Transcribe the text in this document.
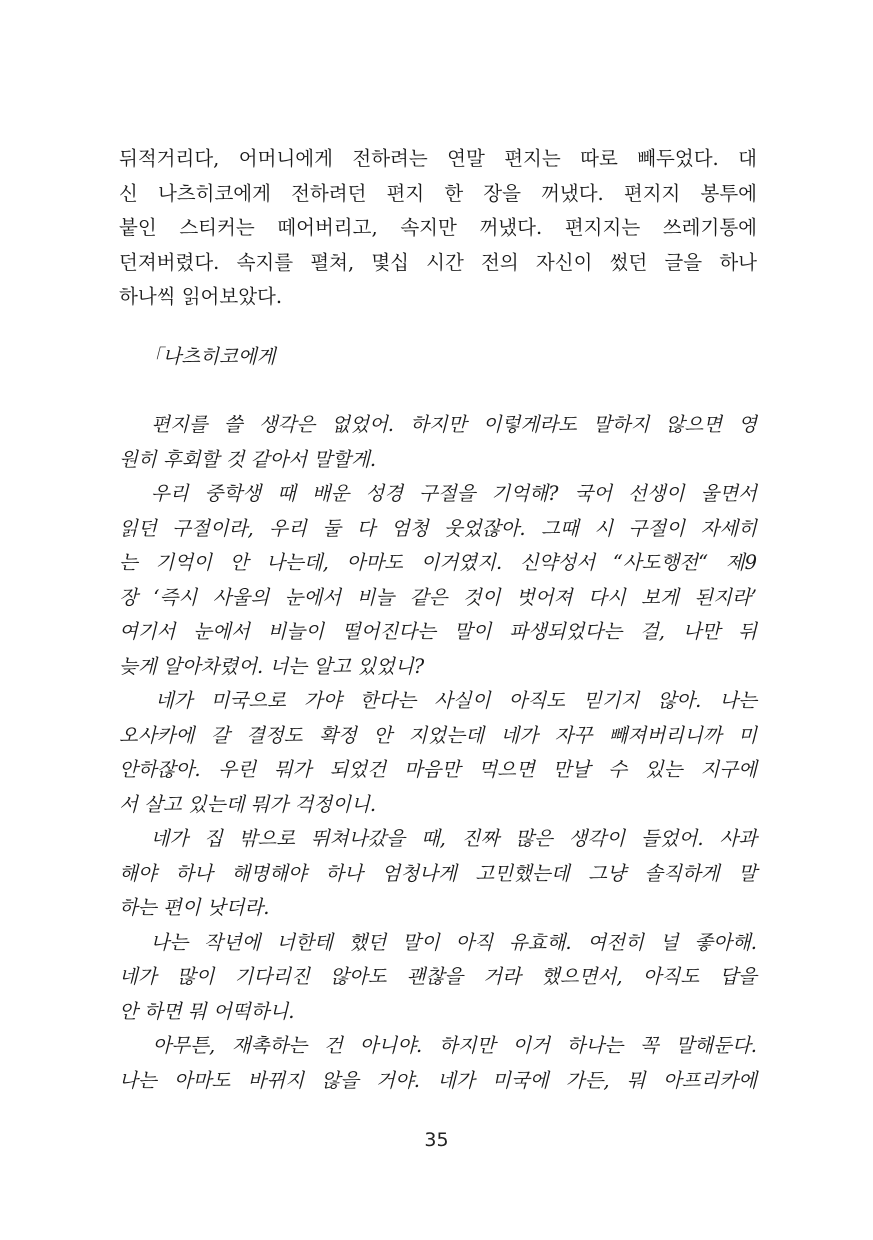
뒤적거리다, 어머니에게 전하려는 연말 편지는 따로 빼두었다. 대
신 나츠히코에게 전하려던 편지 한 장을 꺼냈다. 편지지 봉투에
붙인 스티커는 떼어버리고, 속지만 꺼냈다. 편지지는 쓰레기통에
던져버렸다. 속지를 펼쳐, 몇십 시간 전의 자신이 썼던 글을 하나
하나씩 읽어보았다.
「나츠히코에게
편지를 쓸 생각은 없었어. 하지만 이렇게라도 말하지 않으면 영
원히 후회할 것 같아서 말할게.
우리 중학생 때 배운 성경 구절을 기억해? 국어 선생이 울면서
읽던 구절이라, 우리 둘 다 엄청 웃었잖아. 그때 시 구절이 자세히
는 기억이 안 나는데, 아마도 이거였지. 신약성서 “사도행전“ 제9
장 ‘즉시 사울의 눈에서 비늘 같은 것이 벗어져 다시 보게 된지라’
여기서 눈에서 비늘이 떨어진다는 말이 파생되었다는 걸, 나만 뒤
늦게 알아차렸어. 너는 알고 있었니?
네가 미국으로 가야 한다는 사실이 아직도 믿기지 않아. 나는
오사카에 갈 결정도 확정 안 지었는데 네가 자꾸 빼져버리니까 미
안하잖아. 우린 뭐가 되었건 마음만 먹으면 만날 수 있는 지구에
서 살고 있는데 뭐가 걱정이니.
네가 집 밖으로 뛰쳐나갔을 때, 진짜 많은 생각이 들었어. 사과
해야 하나 해명해야 하나 엄청나게 고민했는데 그냥 솔직하게 말
하는 편이 낫더라.
나는 작년에 너한테 했던 말이 아직 유효해. 여전히 널 좋아해.
네가 많이 기다리진 않아도 괜찮을 거라 했으면서, 아직도 답을
안 하면 뭐 어떡하니.
아무튼, 재촉하는 건 아니야. 하지만 이거 하나는 꼭 말해둔다.
나는 아마도 바뀌지 않을 거야. 네가 미국에 가든, 뭐 아프리카에
35
